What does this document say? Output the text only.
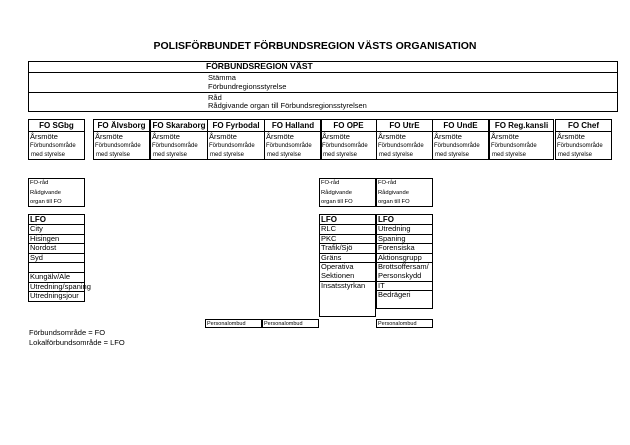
POLISFÖRBUNDET FÖRBUNDSREGION VÄSTS ORGANISATION
FÖRBUNDSREGION VÄST
Stämma
Förbundregionsstyrelse
Råd
Rådgivande organ till Förbundsregionsstyrelsen
FO SGbg
Årsmöte
Förbundsområde
med styrelse
FO Älvsborg
Årsmöte
Förbundsområde
med styrelse
FO Skaraborg
Årsmöte
Förbundsområde
med styrelse
FO Fyrbodal
Årsmöte
Förbundsområde
med styrelse
FO Halland
Årsmöte
Förbundsområde
med styrelse
FO OPE
Årsmöte
Förbundsområde
med styrelse
FO UtrE
Årsmöte
Förbundsområde
med styrelse
FO UndE
Årsmöte
Förbundsområde
med styrelse
FO Reg.kansli
Årsmöte
Förbundsområde
med styrelse
FO Chef
Årsmöte
Förbundsområde
med styrelse
FO-råd
Rådgivande
organ till FO
FO-råd
Rådgivande
organ till FO
FO-råd
Rådgivande
organ till FO
LFO
City
Hisingen
Nordost
Syd
Kungälv/Ale
Utredning/spaning
Utredningsjour
LFO
RLC
PKC
Trafik/Sjö
Gräns
Operativa
Sektionen
Insatsstyrkan
LFO
Utredning
Spaning
Forensiska
Aktionsgrupp
Brottsoffersam/
Personskydd
IT
Bedrägeri
Personalombud	Personalombud	Personalombud
Förbundsområde = FO
Lokalförbundsområde = LFO
